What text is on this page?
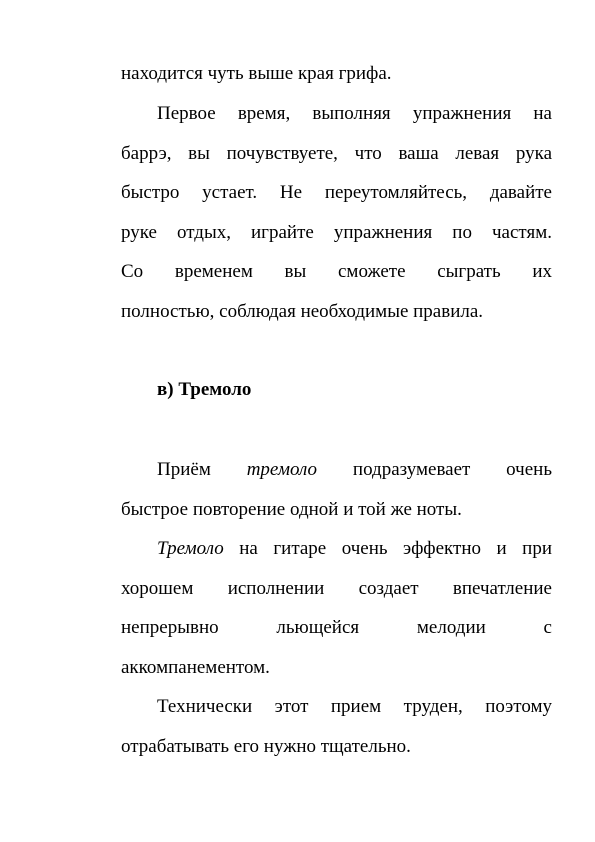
находится чуть выше края грифа.
Первое время, выполняя упражнения на
баррэ, вы почувствуете, что ваша левая рука
быстро устает. Не переутомляйтесь, давайте
руке отдых, играйте упражнения по частям.
Со временем вы сможете сыграть их
полностью, соблюдая необходимые правила.
в) Тремоло
Приём тремоло подразумевает очень
быстрое повторение одной и той же ноты.
Тремоло на гитаре очень эффектно и при
хорошем исполнении создает впечатление
непрерывно льющейся мелодии с
аккомпанементом.
Технически этот прием труден, поэтому
отрабатывать его нужно тщательно.
